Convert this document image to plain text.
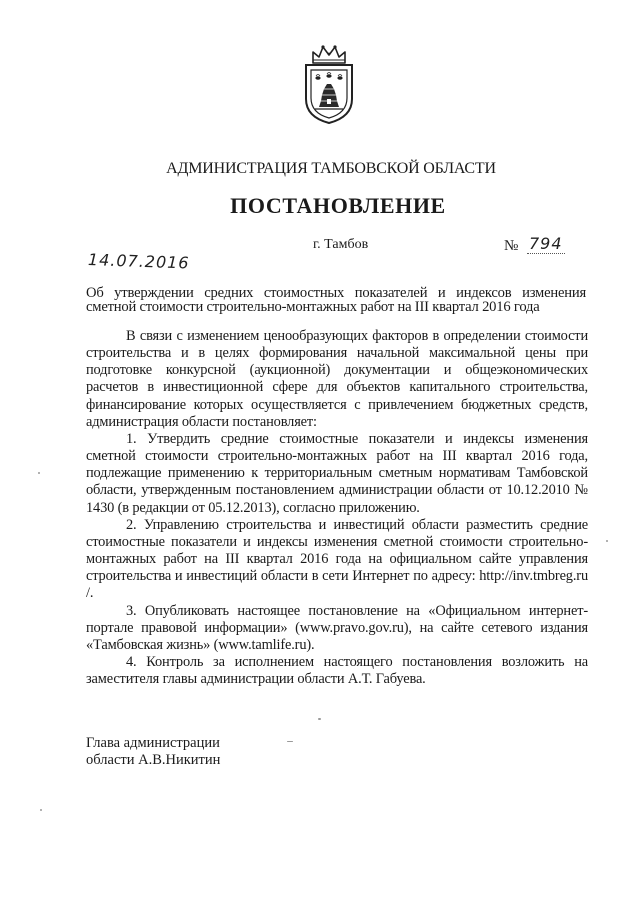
АДМИНИСТРАЦИЯ ТАМБОВСКОЙ ОБЛАСТИ
ПОСТАНОВЛЕНИЕ
г. Тамбов	№ 794
14.07.2016
Об утверждении средних стоимостных показателей и индексов изменения сметной стоимости строительно-монтажных работ на III квартал 2016 года

В связи с изменением ценообразующих факторов в определении стоимости строительства и в целях формирования начальной максимальной цены при подготовке конкурсной (аукционной) документации и общеэкономических расчетов в инвестиционной сфере для объектов капитального строительства, финансирование которых осуществляется с привлечением бюджетных средств, администрация области постановляет:

1. Утвердить средние стоимостные показатели и индексы изменения сметной стоимости строительно-монтажных работ на III квартал 2016 года, подлежащие применению к территориальным сметным нормативам Тамбовской области, утвержденным постановлением администрации области от 10.12.2010 № 1430 (в редакции от 05.12.2013), согласно приложению.

2. Управлению строительства и инвестиций области разместить средние стоимостные показатели и индексы изменения сметной стоимости строительно-монтажных работ на III квартал 2016 года на официальном сайте управления строительства и инвестиций области в сети Интернет по адресу: http://inv.tmbreg.ru /.

3. Опубликовать настоящее постановление на «Официальном интернет-портале правовой информации» (www.pravo.gov.ru), на сайте сетевого издания «Тамбовская жизнь» (www.tamlife.ru).

4. Контроль за исполнением настоящего постановления возложить на заместителя главы администрации области А.Т. Габуева.

Глава администрации
области А.В.Никитин
